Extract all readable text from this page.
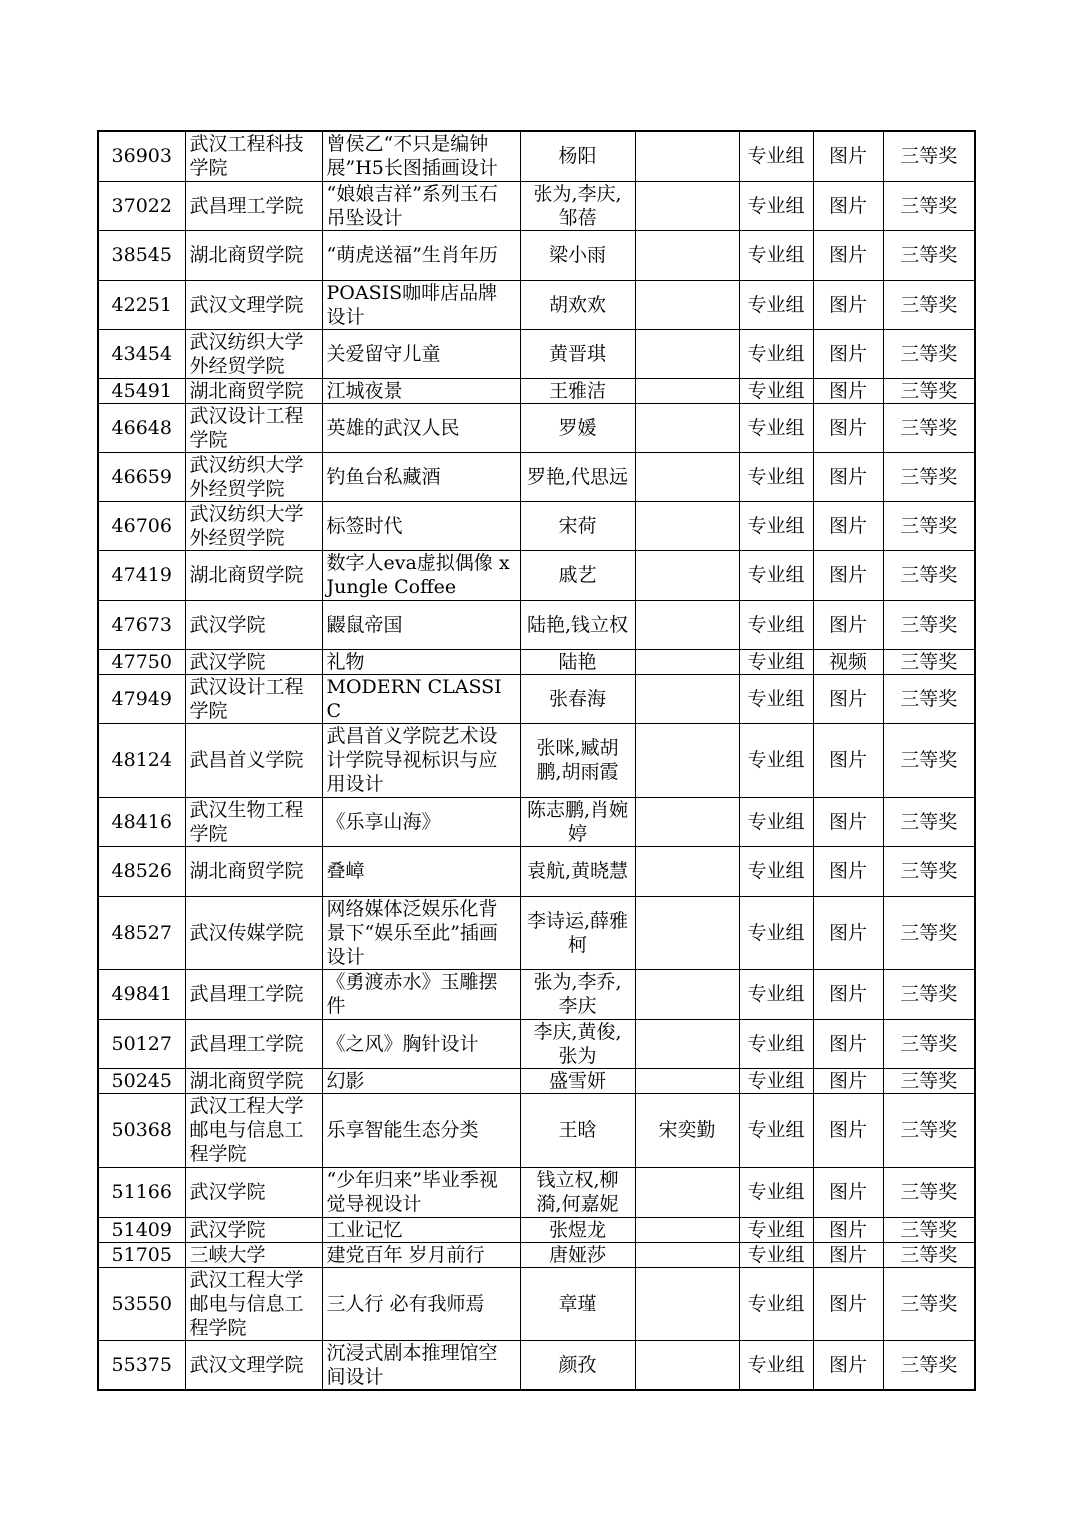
36903	武汉工程科技学院	曾侯乙“不只是编钟展”H5长图插画设计	杨阳		专业组	图片	三等奖
37022	武昌理工学院	“娘娘吉祥”系列玉石吊坠设计	张为,李庆,邹蓓		专业组	图片	三等奖
38545	湖北商贸学院	“萌虎送福”生肖年历	梁小雨		专业组	图片	三等奖
42251	武汉文理学院	POASIS咖啡店品牌设计	胡欢欢		专业组	图片	三等奖
43454	武汉纺织大学外经贸学院	关爱留守儿童	黄晋琪		专业组	图片	三等奖
45491	湖北商贸学院	江城夜景	王雅洁		专业组	图片	三等奖
46648	武汉设计工程学院	英雄的武汉人民	罗媛		专业组	图片	三等奖
46659	武汉纺织大学外经贸学院	钓鱼台私藏酒	罗艳,代思远		专业组	图片	三等奖
46706	武汉纺织大学外经贸学院	标签时代	宋荷		专业组	图片	三等奖
47419	湖北商贸学院	数字人eva虚拟偶像 x Jungle Coffee	戚艺		专业组	图片	三等奖
47673	武汉学院	鼹鼠帝国	陆艳,钱立权		专业组	图片	三等奖
47750	武汉学院	礼物	陆艳		专业组	视频	三等奖
47949	武汉设计工程学院	MODERN CLASSIC	张春海		专业组	图片	三等奖
48124	武昌首义学院	武昌首义学院艺术设计学院导视标识与应用设计	张咪,臧胡鹏,胡雨霞		专业组	图片	三等奖
48416	武汉生物工程学院	《乐享山海》	陈志鹏,肖婉婷		专业组	图片	三等奖
48526	湖北商贸学院	叠嶂	袁航,黄晓慧		专业组	图片	三等奖
48527	武汉传媒学院	网络媒体泛娱乐化背景下“娱乐至此”插画设计	李诗运,薛雅柯		专业组	图片	三等奖
49841	武昌理工学院	《勇渡赤水》玉雕摆件	张为,李乔,李庆		专业组	图片	三等奖
50127	武昌理工学院	《之风》胸针设计	李庆,黄俊,张为		专业组	图片	三等奖
50245	湖北商贸学院	幻影	盛雪妍		专业组	图片	三等奖
50368	武汉工程大学邮电与信息工程学院	乐享智能生态分类	王晗	宋奕勤	专业组	图片	三等奖
51166	武汉学院	“少年归来”毕业季视觉导视设计	钱立权,柳漪,何嘉妮		专业组	图片	三等奖
51409	武汉学院	工业记忆	张煜龙		专业组	图片	三等奖
51705	三峡大学	建党百年 岁月前行	唐娅莎		专业组	图片	三等奖
53550	武汉工程大学邮电与信息工程学院	三人行 必有我师焉	章瑾		专业组	图片	三等奖
55375	武汉文理学院	沉浸式剧本推理馆空间设计	颜孜		专业组	图片	三等奖
